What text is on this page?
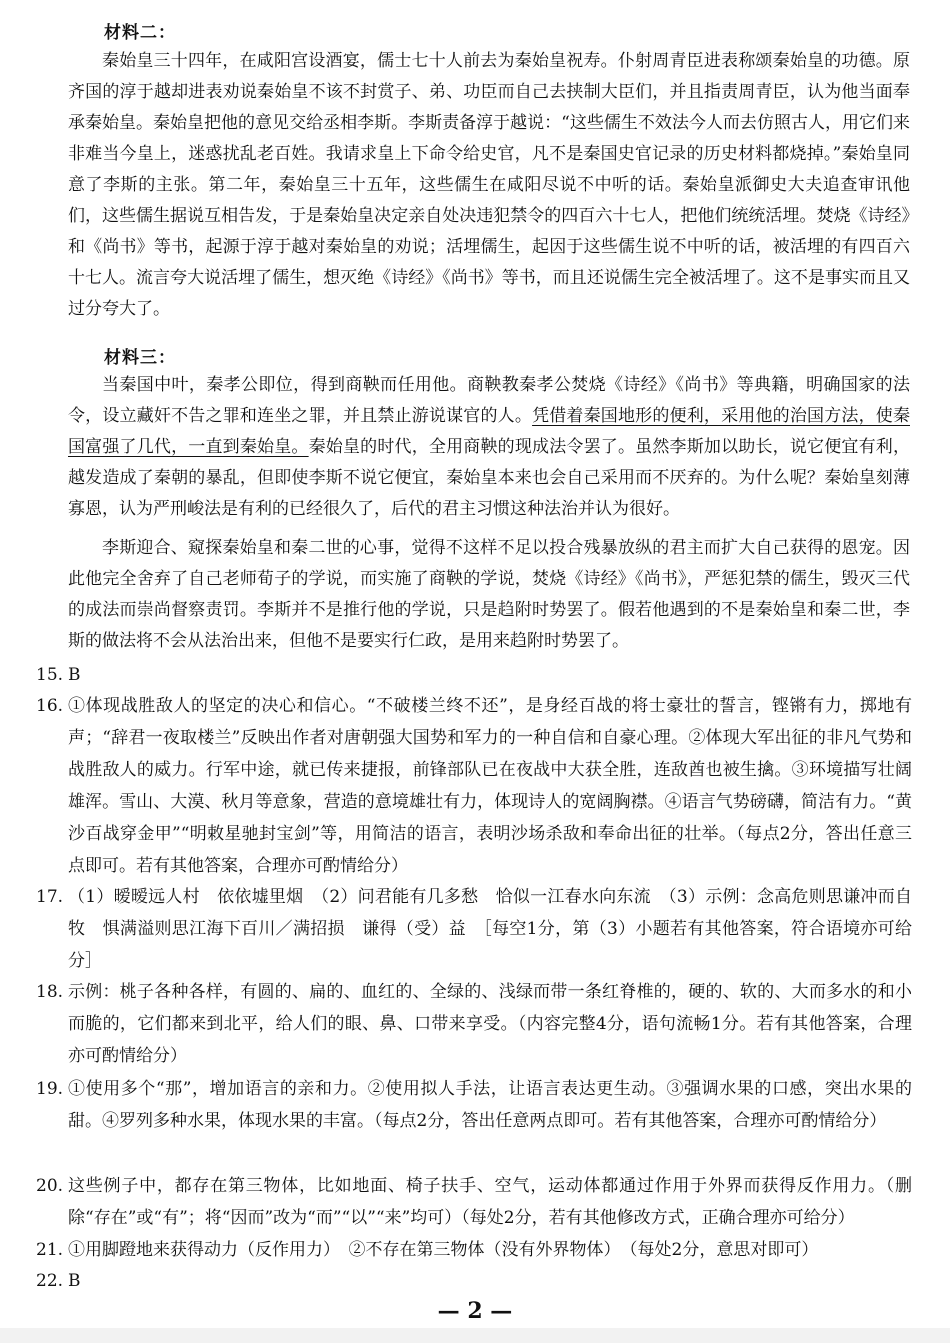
材料二：
秦始皇三十四年，在咸阳宫设酒宴，儒士七十人前去为秦始皇祝寿。仆射周青臣进表称颂秦始皇的功德。原齐国的淳于越却进表劝说秦始皇不该不封赏子、弟、功臣而自己去挟制大臣们，并且指责周青臣，认为他当面奉承秦始皇。秦始皇把他的意见交给丞相李斯。李斯责备淳于越说：“这些儒生不效法今人而去仿照古人，用它们来非难当今皇上，迷惑扰乱老百姓。我请求皇上下命令给史官，凡不是秦国史官记录的历史材料都烧掉。”秦始皇同意了李斯的主张。第二年，秦始皇三十五年，这些儒生在咸阳尽说不中听的话。秦始皇派御史大夫追查审讯他们，这些儒生据说互相告发，于是秦始皇决定亲自处决违犯禁令的四百六十七人，把他们统统活埋。焚烧《诗经》和《尚书》等书，起源于淳于越对秦始皇的劝说；活埋儒生，起因于这些儒生说不中听的话，被活埋的有四百六十七人。流言夸大说活埋了儒生，想灭绝《诗经》《尚书》等书，而且还说儒生完全被活埋了。这不是事实而且又过分夸大了。
材料三：
当秦国中叶，秦孝公即位，得到商鞅而任用他。商鞅教秦孝公焚烧《诗经》《尚书》等典籍，明确国家的法令，设立藏奸不告之罪和连坐之罪，并且禁止游说谋官的人。凭借着秦国地形的便利，采用他的治国方法，使秦国富强了几代，一直到秦始皇。秦始皇的时代，全用商鞅的现成法令罢了。虽然李斯加以助长，说它便宜有利，越发造成了秦朝的暴乱，但即使李斯不说它便宜，秦始皇本来也会自己采用而不厌弃的。为什么呢？秦始皇刻薄寡恩，认为严刑峻法是有利的已经很久了，后代的君主习惯这种法治并认为很好。
李斯迎合、窥探秦始皇和秦二世的心事，觉得不这样不足以投合残暴放纵的君主而扩大自己获得的恩宠。因此他完全舍弃了自己老师荀子的学说，而实施了商鞅的学说，焚烧《诗经》《尚书》，严惩犯禁的儒生，毁灭三代的成法而崇尚督察责罚。李斯并不是推行他的学说，只是趋附时势罢了。假若他遇到的不是秦始皇和秦二世，李斯的做法将不会从法治出来，但他不是要实行仁政，是用来趋附时势罢了。
15. B
16. ①体现战胜敌人的坚定的决心和信心。“不破楼兰终不还”，是身经百战的将士豪壮的誓言，铿锵有力，掷地有声；“辞君一夜取楼兰”反映出作者对唐朝强大国势和军力的一种自信和自豪心理。②体现大军出征的非凡气势和战胜敌人的威力。行军中途，就已传来捷报，前锋部队已在夜战中大获全胜，连敌酋也被生擒。③环境描写壮阔雄浑。雪山、大漠、秋月等意象，营造的意境雄壮有力，体现诗人的宽阔胸襟。④语言气势磅礴，简洁有力。“黄沙百战穿金甲”“明敕星驰封宝剑”等，用简洁的语言，表明沙场杀敌和奉命出征的壮举。（每点2分，答出任意三点即可。若有其他答案，合理亦可酌情给分）
17. （1）暧暧远人村　依依墟里烟　（2）问君能有几多愁　恰似一江春水向东流　（3）示例：念高危则思谦冲而自牧　惧满溢则思江海下百川／满招损　谦得（受）益　［每空1分，第（3）小题若有其他答案，符合语境亦可给分］
18. 示例：桃子各种各样，有圆的、扁的、血红的、全绿的、浅绿而带一条红脊椎的，硬的、软的、大而多水的和小而脆的，它们都来到北平，给人们的眼、鼻、口带来享受。（内容完整4分，语句流畅1分。若有其他答案，合理亦可酌情给分）
19. ①使用多个“那”，增加语言的亲和力。②使用拟人手法，让语言表达更生动。③强调水果的口感，突出水果的甜。④罗列多种水果，体现水果的丰富。（每点2分，答出任意两点即可。若有其他答案，合理亦可酌情给分）
20. 这些例子中，都存在第三物体，比如地面、椅子扶手、空气，运动体都通过作用于外界而获得反作用力。（删除“存在”或“有”；将“因而”改为“而”“以”“来”均可）（每处2分，若有其他修改方式，正确合理亦可给分）
21. ①用脚蹬地来获得动力（反作用力）　②不存在第三物体（没有外界物体）　（每处2分，意思对即可）
22. B
— 2 —
